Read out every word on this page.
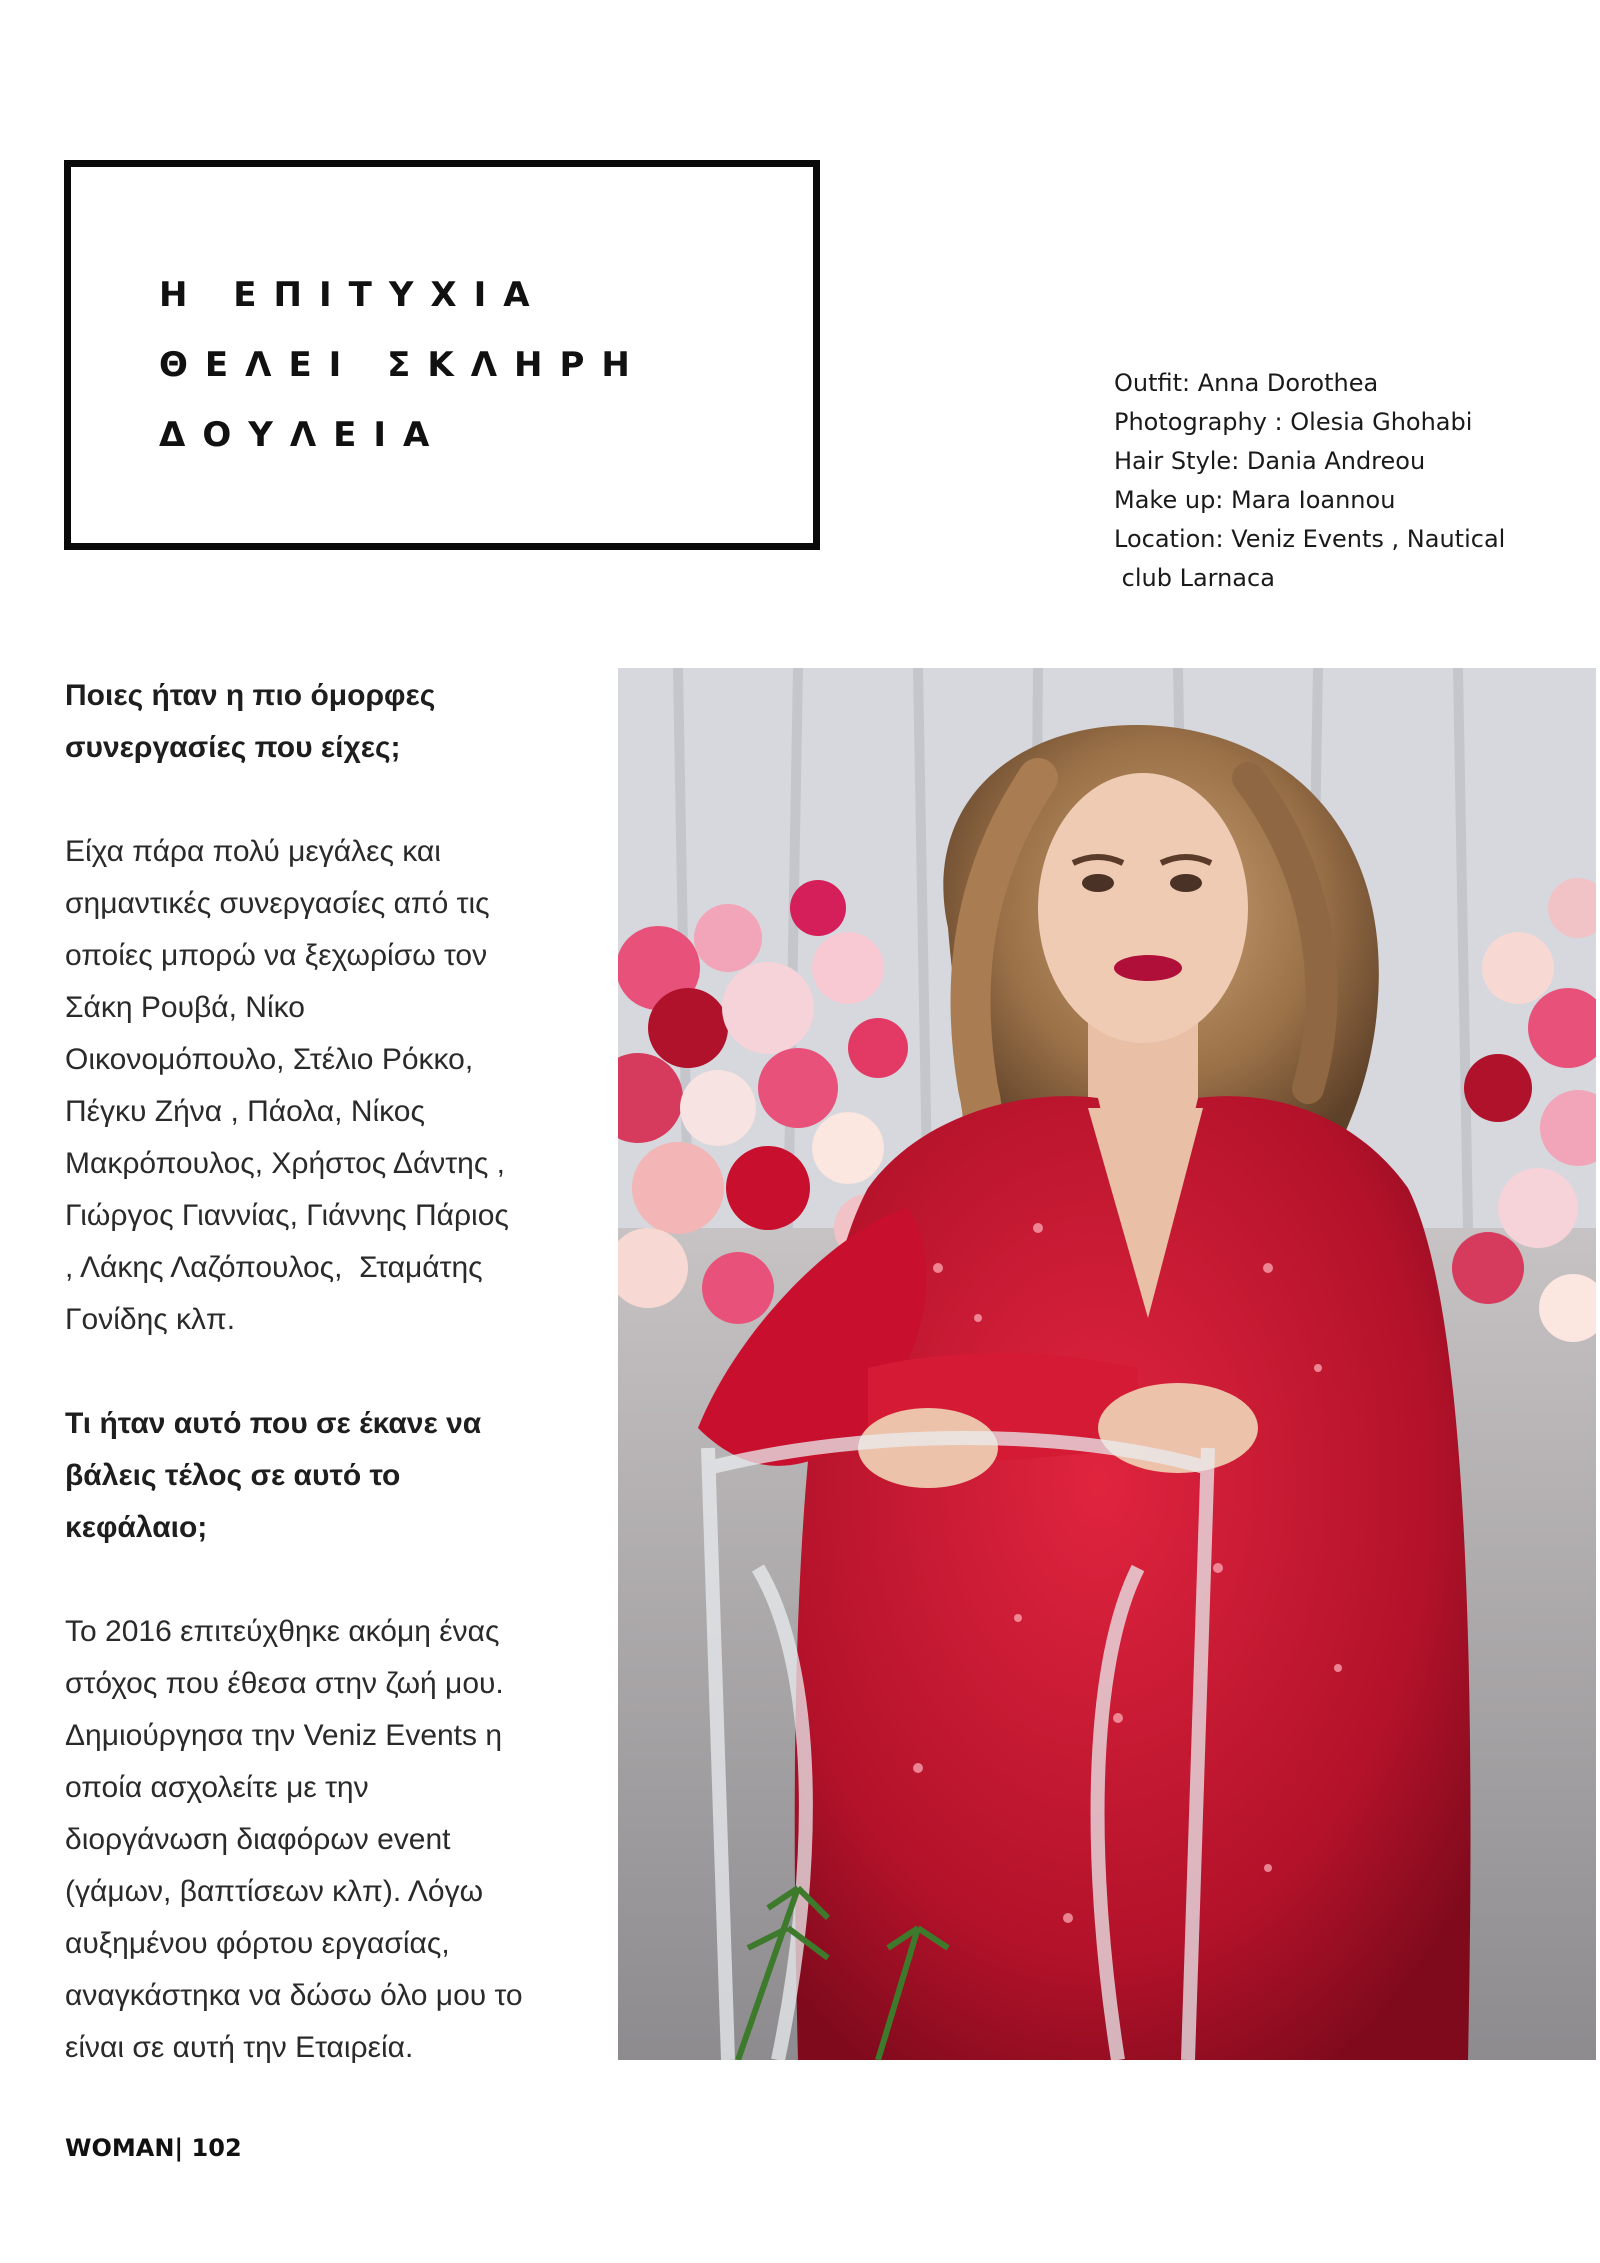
Η ΕΠΙΤΥΧΙΑ

ΘΕΛΕΙ ΣΚΛΗΡΗ

ΔΟΥΛΕΙΑ

Outfit: Anna Dorothea
Photography : Olesia Ghohabi
Hair Style: Dania Andreou
Make up: Mara Ioannou
Location: Veniz Events , Nautical
club Larnaca

Ποιες ήταν η πιο όμορφες

συνεργασίες που είχες;

Είχα πάρα πολύ μεγάλες και

σημαντικές συνεργασίες από τις

οποίες μπορώ να ξεχωρίσω τον

Σάκη Ρουβά, Νίκο

Οικονομόπουλο, Στέλιο Ρόκκο,

Πέγκυ Ζήνα , Πάολα, Νίκος

Μακρόπουλος, Χρήστος Δάντης ,

Γιώργος Γιαννίας, Γιάννης Πάριος

, Λάκης Λαζόπουλος,  Σταμάτης

Γονίδης κλπ.

Τι ήταν αυτό που σε έκανε να

βάλεις τέλος σε αυτό το

κεφάλαιο;

Το 2016 επιτεύχθηκε ακόμη ένας

στόχος που έθεσα στην ζωή μου.

Δημιούργησα την Veniz Events η

οποία ασχολείτε με την

διοργάνωση διαφόρων event

(γάμων, βαπτίσεων κλπ). Λόγω

αυξημένου φόρτου εργασίας,

αναγκάστηκα να δώσω όλο μου το

είναι σε αυτή την Εταιρεία.

WOMAN| 102
